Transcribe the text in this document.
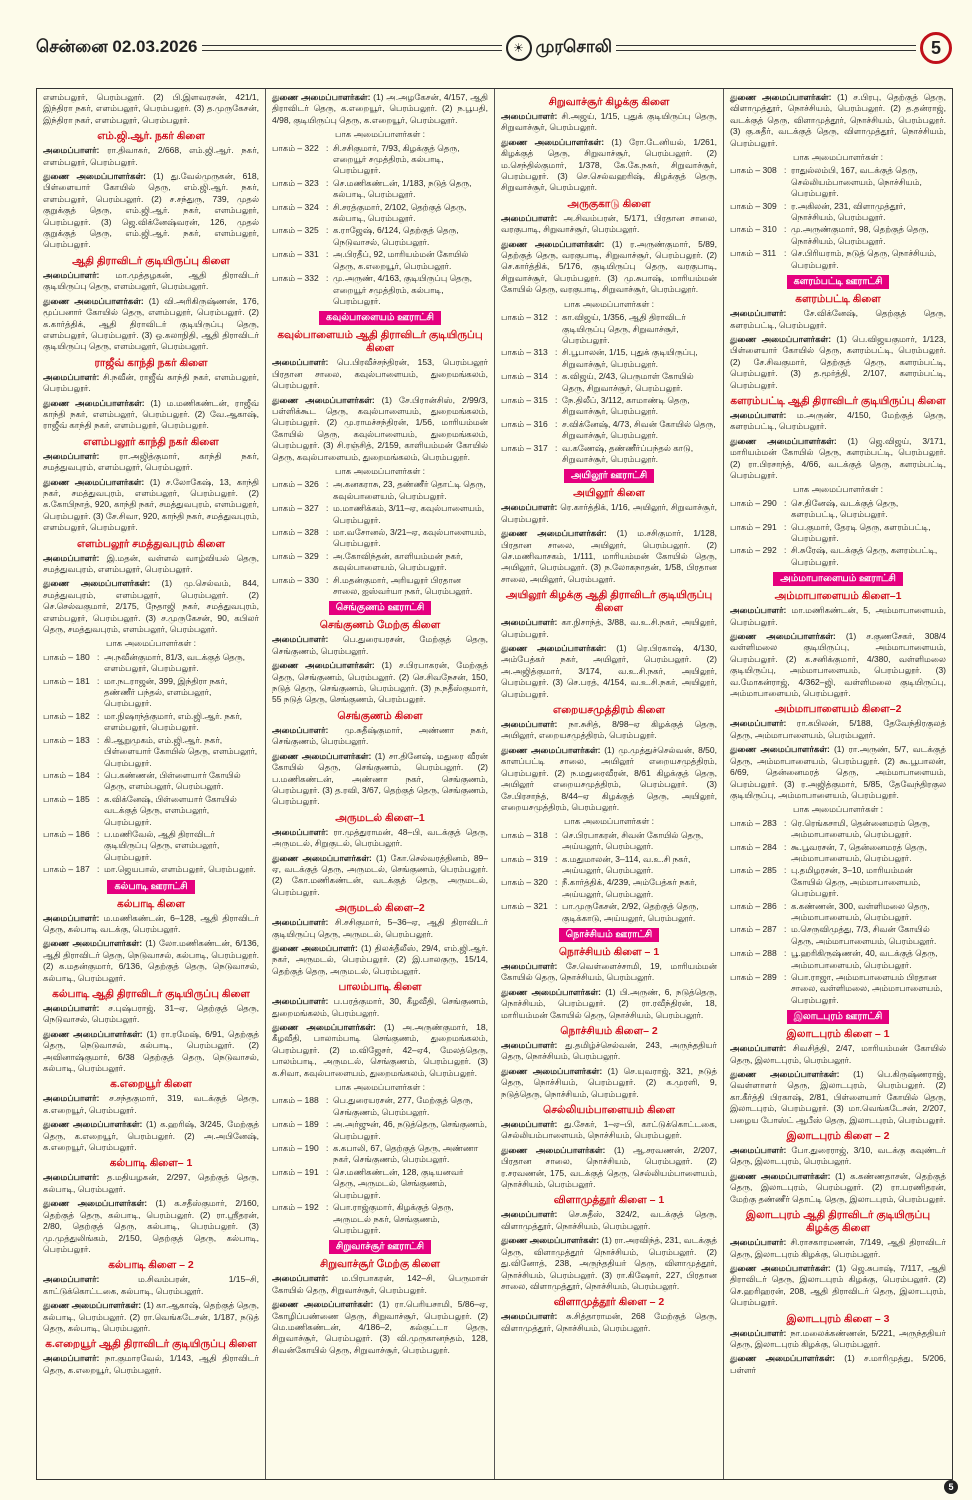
சென்னை 02.03.2026	☀ முரசொலி	5

எளம்பலூர், பெரம்பலூர். (2) பி.இளவரசன், 421/1, இந்திரா நகர், எளம்பலூர், பெரம்பலூர். (3) த.முருகேசன், இந்திரா நகர், எளம்பலூர், பெரம்பலூர்.

எம்.ஜி.ஆர். நகர் கிளை

அமைப்பாளர்: ரா.திவாகர், 2/668, எம்.ஜி.ஆர். நகர், எளம்பலூர், பெரம்பலூர்.

துணை அமைப்பாளர்கள்: (1) து.வேல்முருகன், 618, பிள்ளையார் கோயில் தெரு, எம்.ஜி.ஆர். நகர், எளம்பலூர், பெரம்பலூர். (2) ச.சந்துரு, 739, முதல் குறுக்குத் தெரு, எம்.ஜி.ஆர். நகர், எளம்பலூர், பெரம்பலூர். (3) ஜெ.விக்னேஷ்வரன், 126, முதல் குறுக்குத் தெரு, எம்.ஜி.ஆர். நகர், எளம்பலூர், பெரம்பலூர்.

ஆதி திராவிடர் குடியிருப்பு கிளை

அமைப்பாளர்: மா.முத்தழகன், ஆதி திராவிடர் குடியிருப்பு தெரு, எளம்பலூர், பெரம்பலூர்.

துணை அமைப்பாளர்கள்: (1) வி.அரிகிருஷ்ணன், 176, மூப்பனார் கோயில் தெரு, எளம்பலூர், பெரம்பலூர். (2) க.கார்த்திக், ஆதி திராவிடர் குடியிருப்பு தெரு, எளம்பலூர், பெரம்பலூர். (3) ஒ.கலாநிதி, ஆதி திராவிடர் குடியிருப்பு தெரு, எளம்பலூர், பெரம்பலூர்.

ராஜீவ் காந்தி நகர் கிளை

அமைப்பாளர்: சி.நவீன், ராஜீவ் காந்தி நகர், எளம்பலூர், பெரம்பலூர்.

துணை அமைப்பாளர்கள்: (1) ம.மணிகண்டன், ராஜீவ் காந்தி நகர், எளம்பலூர், பெரம்பலூர். (2) வே.ஆகாஷ், ராஜீவ் காந்தி நகர், எளம்பலூர், பெரம்பலூர்.

எளம்பலூர் காந்தி நகர் கிளை

அமைப்பாளர்: ரா.அஜித்குமார், காந்தி நகர், சமத்துவபுரம், எளம்பலூர், பெரம்பலூர்.

துணை அமைப்பாளர்கள்: (1) ச.லோகேஷ், 13, காந்தி நகர், சமத்துவபுரம், எளம்பலூர், பெரம்பலூர். (2) க.கோபிநாத், 920, காந்தி நகர், சமத்துவபுரம், எளம்பலூர், பெரம்பலூர். (3) சே.சிவா, 920, காந்தி நகர், சமத்துவபுரம், எளம்பலூர், பெரம்பலூர்.

எளம்பலூர் சமத்துவபுரம் கிளை

அமைப்பாளர்: இ.மதன், வள்ளல் வாழ்வியல் தெரு, சமத்துவபுரம், எளம்பலூர், பெரம்பலூர்.

துணை அமைப்பாளர்கள்: (1) மு.செல்வம், 844, சமத்துவபுரம், எளம்பலூர், பெரம்பலூர். (2) செ.செல்வகுமார், 2/175, நேதாஜி நகர், சமத்துவபுரம், எளம்பலூர், பெரம்பலூர். (3) ச.முருகேசன், 90, கபிலர் தெரு, சமத்துவபுரம், எளம்பலூர், பெரம்பலூர்.

பாக அமைப்பாளர்கள் :
பாகம் – 180 : அ.நவீன்குமார், 81/3, வடக்குத் தெரு, எளம்பலூர், பெரம்பலூர்.
பாகம் – 181 : மா.நடராஜன், 399, இந்திரா நகர், தண்ணீர் பந்தல், எளம்பலூர், பெரம்பலூர்.
பாகம் – 182 : மா.நிஷாந்த்குமார், எம்.ஜி.ஆர். நகர், எளம்பலூர், பெரம்பலூர்.
பாகம் – 183 : கி.ஆறுமுகம், எம்.ஜி.ஆர். நகர், பிள்ளையார் கோயில் தெரு, எளம்பலூர், பெரம்பலூர்.
பாகம் – 184 : பெ.கண்ணன், பிள்ளையார் கோயில் தெரு, எளம்பலூர், பெரம்பலூர்.
பாகம் – 185 : க.விக்னேஷ், பிள்ளையார் கோயில் வடக்குத் தெரு, எளம்பலூர், பெரம்பலூர்.
பாகம் – 186 : ப.மணிவேல், ஆதி திராவிடர் குடியிருப்பு தெரு, எளம்பலூர், பெரம்பலூர்.
பாகம் – 187 : மா.ஜெயபால், எளம்பலூர், பெரம்பலூர்.
கல்பாடி ஊராட்சி
கல்பாடி கிளை

அமைப்பாளர்: ம.மணிகண்டன், 6–128, ஆதி திராவிடர் தெரு, கல்பாடி வடக்கு, பெரம்பலூர்.

துணை அமைப்பாளர்கள்: (1) லோ.மணிகண்டன், 6/136, ஆதி திராவிடர் தெரு, நெடுவாசல், கல்பாடி, பெரம்பலூர். (2) க.மதன்குமார், 6/136, தெற்குத் தெரு, நெடுவாசல், கல்பாடி, பெரம்பலூர்.

கல்பாடி ஆதி திராவிடர் குடியிருப்பு கிளை

அமைப்பாளர்: ச.புஷ்பராஜ், 31–ஏ, தெற்குத் தெரு, நெடுவாசல், பெரம்பலூர்.

துணை அமைப்பாளர்கள்: (1) ரா.ரமேஷ், 6/91, தெற்குத் தெரு, நெடுவாசல், கல்பாடி, பெரம்பலூர். (2) அவினாஷ்குமார், 6/38 தெற்குத் தெரு, நெடுவாசல், கல்பாடி, பெரம்பலூர்.

க.எறையூர் கிளை

அமைப்பாளர்: ச.சந்தகுமார், 319, வடக்குத் தெரு, க.எறையூர், பெரம்பலூர்.

துணை அமைப்பாளர்கள்: (1) க.ஹரிஷ், 3/245, மேற்குத் தெரு, க.எறையூர், பெரம்பலூர். (2) அ.அபினேஷ், க.எறையூர், பெரம்பலூர்.

கல்பாடி கிளை– 1

அமைப்பாளர்: த.மதியழகன், 2/297, தெற்குத் தெரு, கல்பாடி, பெரம்பலூர்.

துணை அமைப்பாளர்கள்: (1) க.சதீஸ்குமார், 2/160, தெற்குத் தெரு, கல்பாடி, பெரம்பலூர். (2) ரா.ஸ்ரீதரன், 2/80, தெற்குத் தெரு, கல்பாடி, பெரம்பலூர். (3) மு.முத்துலிங்கம், 2/150, தெற்குத் தெரு, கல்பாடி, பெரம்பலூர்.

கல்பாடி கிளை – 2

அமைப்பாளர்: ம.சிவம்பரன், 1/15–சி, காட்டுக்கொட்டகை, கல்பாடி, பெரம்பலூர்.

துணை அமைப்பாளர்கள்: (1) கா.ஆகாஷ், தெற்குத் தெரு, கல்பாடி, பெரம்பலூர். (2) ரா.வெங்கடேசன், 1/187, நடுத் தெரு, கல்பாடி, பெரம்பலூர்.

க.எறையூர் ஆதி திராவிடர் குடியிருப்பு கிளை

அமைப்பாளர்: நா.குமாரவேல், 1/143, ஆதி திராவிடர் தெரு, க.எறையூர், பெரம்பலூர்.

துணை அமைப்பாளர்கள்: (1) அ.அழகேசன், 4/157, ஆதி திராவிடர் தெரு, க.எறையூர், பெரம்பலூர். (2) ந.பூபதி, 4/98, குடியிருப்பு தெரு, க.எறையூர், பெரம்பலூர்.

பாக அமைப்பாளர்கள் :
பாகம் – 322 : சி.சசிகுமார், 7/93, கிழக்குத் தெரு, எறையூர் சமுத்திரம், கல்பாடி, பெரம்பலூர்.
பாகம் – 323 : செ.மணிகண்டன், 1/183, நடுத் தெரு, கல்பாடி, பெரம்பலூர்.
பாகம் – 324 : சி.சரத்குமார், 2/102, தெற்குத் தெரு, கல்பாடி, பெரம்பலூர்.
பாகம் – 325 : க.ராஜேஷ், 6/124, தெற்குத் தெரு, நெடுவாசல், பெரம்பலூர்.
பாகம் – 331 : அ.பிரதீப், 92, மாரியம்மன் கோயில் தெரு, க.எறையூர், பெரம்பலூர்.
பாகம் – 332 : மு.அருண், 4/163, குடியிருப்பு தெரு, எறையூர் சமுத்திரம், கல்பாடி, பெரம்பலூர்.
கவுல்பாளையம் ஊராட்சி
கவுல்பாளையம் ஆதி திராவிடர் குடியிருப்பு கிளை

அமைப்பாளர்: பெ.பிரவீச்சந்திரன், 153, பெரம்பலூர் பிரதான சாலை, கவுல்பாளையம், துறைமங்கலம், பெரம்பலூர்.

துணை அமைப்பாளர்கள்: (1) சே.பிரான்சிஸ், 2/99/3, பள்ளிக்கூட தெரு, கவுல்பாளையம், துறைமங்கலம், பெரம்பலூர். (2) மு.ராமச்சந்திரன், 1/56, மாரியம்மன் கோயில் தெரு, கவுல்பாளையம், துறைமங்கலம், பெரம்பலூர். (3) சி.ரஞ்சித், 2/159, காளியம்மன் கோயில் தெரு, கவுல்பாளையம், துறைமங்கலம், பெரம்பலூர்.

பாக அமைப்பாளர்கள் :
பாகம் – 326 : அ.கனகராசு, 23, தண்ணீர் தொட்டி தெரு, கவுல்பாளையம், பெரம்பலூர்.
பாகம் – 327 : ம.மாணிக்கம், 3/11–ஏ, கவுல்பாளையம், பெரம்பலூர்.
பாகம் – 328 : மா.வசோனல், 3/21–ஏ, கவுல்பாளையம், பெரம்பலூர்.
பாகம் – 329 : அ.கோவிந்தன், காளியம்மன் நகர், கவுல்பாளையம், பெரம்பலூர்.
பாகம் – 330 : சி.மதன்குமார், அரியலூர் பிரதான சாலை, ஐஸ்வர்யா நகர், பெரம்பலூர்.
செங்குணம் ஊராட்சி
செங்குணம் மேற்கு கிளை

அமைப்பாளர்: பெ.துரையரசன், மேற்குத் தெரு, செங்குணம், பெரம்பலூர்.

துணை அமைப்பாளர்கள்: (1) ச.பிரபாகரன், மேற்குத் தெரு, செங்குணம், பெரம்பலூர். (2) செ.சிவநேசன், 150, நடுத் தெரு, செங்குணம், பெரம்பலூர். (3) ந.நதீஸ்குமார், 55 நடுத் தெரு, செங்குணம், பெரம்பலூர்.

செங்குணம் கிளை

அமைப்பாளர்: மு.சுதீஷ்குமார், அண்ணா நகர், செங்குணம், பெரம்பலூர்.

துணை அமைப்பாளர்கள்: (1) சா.தினேஷ், மதுரை வீரன் கோயில் தெரு, செங்குணம், பெரம்பலூர். (2) ப.மணிகண்டன், அண்ணா நகர், செங்குணம், பெரம்பலூர். (3) த.ரவி, 3/67, தெற்குத் தெரு, செங்குணம், பெரம்பலூர்.

அருமடல் கிளை–1

அமைப்பாளர்: ரா.முத்துராமன், 48–பி, வடக்குத் தெரு, அருமடல், சிறுகுடல், பெரம்பலூர்.

துணை அமைப்பாளர்கள்: (1) கோ.செல்வரத்தினம், 89–ஏ, வடக்குத் தெரு, அருமடல், செங்குணம், பெரம்பலூர். (2) கோ.மணிகண்டன், வடக்குத் தெரு, அருமடல், பெரம்பலூர்.

அருமடல் கிளை–2

அமைப்பாளர்: சி.சசிகுமார், 5–36–ஏ, ஆதி திராவிடர் குடியிருப்பு தெரு, அருமடல், பெரம்பலூர்.

துணை அமைப்பாளர்: (1) திலக்தீலீஸ், 29/4, எம்.ஜி.ஆர். நகர், அருமடல், பெரம்பலூர். (2) இ.பாலகுரு, 15/14, தெற்குத் தெரு, அருமடல், பெரம்பலூர்.

பாலம்பாடி கிளை

அமைப்பாளர்: ப.பரத்குமார், 30, கீழவீதி, செங்குணம், துறைமங்கலம், பெரம்பலூர்.

துணை அமைப்பாளர்கள்: (1) அ.அருண்குமார், 18, கீழவீதி, பாலாம்பாடி செங்குணம், துறைமங்கலம், பெரம்பலூர். (2) ம.விஜேசர், 42–ஏ4, மேலத்தெரு, பாலம்பாடி, அருமடல், செங்குணம், பெரம்பலூர். (3) க.சிவா, கவுல்பாளையம், துறைமங்கலம், பெரம்பலூர்.

பாக அமைப்பாளர்கள் :
பாகம் – 188 : பெ.துரையரசன், 277, மேற்குத் தெரு, செங்குணம், பெரம்பலூர்.
பாகம் – 189 : அ.அர்ஜுன், 46, நடுத்தெரு, செங்குணம், பெரம்பலூர்.
பாகம் – 190 : க.கபாலி, 67, தெற்குத் தெரு, அண்ணா நகர், செங்குணம், பெரம்பலூர்.
பாகம் – 191 : செ.மணிகண்டன், 128, குடியனவர் தெரு, அருமடல், செங்குணம், பெரம்பலூர்.
பாகம் – 192 : பொ.ராஜ்குமார், கிழக்குத் தெரு, அருமடல் நகர், செங்குணம், பெரம்பலூர்.
சிறுவாச்சூர் ஊராட்சி
சிறுவாச்சூர் மேற்கு கிளை

அமைப்பாளர்: ம.பிரபாகரன், 142–சி, பெருமாள் கோயில் தெரு, சிறுவாச்சூர், பெரம்பலூர்.

துணை அமைப்பாளர்கள்: (1) ரா.பெரியசாமி, 5/86–ஏ, கோழிப்பண்ணை தெரு, சிறுவாச்சூர், பெரம்பலூர். (2) மெ.மணிகண்டன், 4/186–2, கல்குட்டா தெரு, சிறுவாச்சூர், பெரம்பலூர். (3) வி.முருகானந்தம், 128, சிவன்கோயில் தெரு, சிறுவாச்சூர், பெரம்பலூர்.

சிறுவாச்சூர் கிழக்கு கிளை

அமைப்பாளர்: சி.அஜய், 1/15, புதுக் குடியிருப்பு தெரு, சிறுவாச்சூர், பெரம்பலூர்.

துணை அமைப்பாளர்கள்: (1) ரோ.டேனியல், 1/261, கிழக்குத் தெரு, சிறுவாச்சூர், பெரம்பலூர். (2) ம.செந்தில்குமார், 1/378, கே.கே.நகர், சிறுவாச்சூர், பெரம்பலூர். (3) செ.செல்வஹரிஷ், கிழக்குத் தெரு, சிறுவாச்சூர், பெரம்பலூர்.

அருகுகாடு கிளை

அமைப்பாளர்: அ.சிவம்பரன், 5/171, பிரதான சாலை, வரகுபாடி, சிறுவாச்சூர், பெரம்பலூர்.

துணை அமைப்பாளர்கள்: (1) ர.அருண்குமார், 5/89, தெற்குத் தெரு, வரகுபாடி, சிறுவாச்சூர், பெரம்பலூர். (2) செ.கார்த்திக், 5/176, குடியிருப்பு தெரு, வரகுபாடி, சிறுவாச்சூர், பெரம்பலூர். (3) மு.சுபாஷ், மாரியம்மன் கோயில் தெரு, வரகுபாடி, சிறுவாச்சூர், பெரம்பலூர்.

பாக அமைப்பாளர்கள் :
பாகம் – 312 : கா.விஜய், 1/356, ஆதி திராவிடர் குடியிருப்பு தெரு, சிறுவாச்சூர், பெரம்பலூர்.
பாகம் – 313 : சி.பூபாலன், 1/15, புதுக் குடியிருப்பு, சிறுவாச்சூர், பெரம்பலூர்.
பாகம் – 314 : க.விஜய், 2/43, பெருமாள் கோயில் தெரு, சிறுவாச்சூர், பெரம்பலூர்.
பாகம் – 315 : நே.திலீப், 3/112, காமாண்டி தெரு, சிறுவாச்சூர், பெரம்பலூர்.
பாகம் – 316 : ச.விக்னேஷ், 4/73, சிவன் கோயில் தெரு, சிறுவாச்சூர், பெரம்பலூர்.
பாகம் – 317 : வ.கணேஷ், தண்ணீர்ப்பந்தல் காடு, சிறுவாச்சூர், பெரம்பலூர்.
அயிலூர் ஊராட்சி
அயிலூர் கிளை

அமைப்பாளர்: ரெ.கார்த்திக், 1/16, அயிலூர், சிறுவாச்சூர், பெரம்பலூர்.

துணை அமைப்பாளர்கள்: (1) ம.சசிகுமார், 1/128, பிரதான சாலை, அயிலூர், பெரம்பலூர். (2) செ.மணிவாசகம், 1/111, மாரியம்மன் கோயில் தெரு, அயிலூர், பெரம்பலூர். (3) ந.லோகநாதன், 1/58, பிரதான சாலை, அயிலூர், பெரம்பலூர்.

அயிலூர் கிழக்கு ஆதி திராவிடர் குடியிருப்பு கிளை

அமைப்பாளர்: கா.நிசாந்த், 3/88, வ.உ.சி.நகர், அயிலூர், பெரம்பலூர்.

துணை அமைப்பாளர்கள்: (1) ரெ.பிரகாஷ், 4/130, அம்பேத்கர் நகர், அயிலூர், பெரம்பலூர். (2) அ.அஜித்குமார், 3/174, வ.உ.சி.நகர், அயிலூர், பெரம்பலூர். (3) செ.பரத், 4/154, வ.உ.சி.நகர், அயிலூர், பெரம்பலூர்.

எறையசமுத்திரம் கிளை

அமைப்பாளர்: நா.சுசித், 8/98–ஏ கிழக்குத் தெரு, அயிலூர், எறையசமுத்திரம், பெரம்பலூர்.

துணை அமைப்பாளர்கள்: (1) மு.முத்துச்செல்வன், 8/50, காளப்பட்டி சாலை, அயிலூர் எறையசமுத்திரம், பெரம்பலூர். (2) ந.மதுரைவீரன், 8/61 கிழக்குத் தெரு, அயிலூர் எறையசமுத்திரம், பெரம்பலூர். (3) சே.பிரசாந்த், 8/44–ஏ கிழக்குத் தெரு, அயிலூர், எறையசமுத்திரம், பெரம்பலூர்.

பாக அமைப்பாளர்கள் :
பாகம் – 318 : செ.பிரபாகரன், சிவன் கோயில் தெரு, அய்யலூர், பெரம்பலூர்.
பாகம் – 319 : க.மதுமாலன், 3–114, வ.உ.சி நகர், அய்யலூர், பெரம்பலூர்.
பாகம் – 320 : நீ.கார்த்திக், 4/239, அம்பேத்கர் நகர், அய்யலூர், பெரம்பலூர்.
பாகம் – 321 : பா.முருகேசன், 2/92, தெற்குத் தெரு, குடிக்காடு, அய்யலூர், பெரம்பலூர்.
நொச்சியம் ஊராட்சி
நொச்சியம் கிளை – 1

அமைப்பாளர்: சே.வெள்ளைச்சாமி, 19, மாரியம்மன் கோயில் தெரு, நொச்சியம், பெரம்பலூர்.

துணை அமைப்பாளர்கள்: (1) பி.அருண், 6, நடுத்தெரு, நொச்சியம், பெரம்பலூர். (2) ரா.ரவீந்திரன், 18, மாரியம்மன் கோயில் தெரு, நொச்சியம், பெரம்பலூர்.

நொச்சியம் கிளை– 2

அமைப்பாளர்: து.தமிழ்ச்செல்வன், 243, அருந்ததியர் தெரு, நொச்சியம், பெரம்பலூர்.

துணை அமைப்பாளர்கள்: (1) செ.யுவராஜ், 321, நடுத் தெரு, நொச்சியம், பெரம்பலூர். (2) க.முரளி, 9, நடுத்தெரு, நொச்சியம், பெரம்பலூர்.

செல்லியம்பாளையம் கிளை

அமைப்பாளர்: து.சேகர், 1–ஏ–பி, காட்டுக்கொட்டகை, செல்லியம்பாளையம், நொச்சியம், பெரம்பலூர்.

துணை அமைப்பாளர்கள்: (1) ஆ.சரவணன், 2/207, பிரதான சாலை, நொச்சியம், பெரம்பலூர். (2) ர.சரவணன், 175, வடக்குத் தெரு, செல்லியம்பாளையம், நொச்சியம், பெரம்பலூர்.

விளாமுத்தூர் கிளை – 1

அமைப்பாளர்: செ.சுதீஸ், 324/2, வடக்குத் தெரு, விளாமுத்தூர், நொச்சியம், பெரம்பலூர்.

துணை அமைப்பாளர்கள்: (1) ரா.அரவிந்த், 231, வடக்குத் தெரு, விளாமுத்தூர் நொச்சியம், பெரம்பலூர். (2) து.வினோத், 238, அருந்ததியர் தெரு, விளாமுத்தூர், நொச்சியம், பெரம்பலூர். (3) ரா.கிஷோர், 227, பிரதான சாலை, விளாமுத்தூர், நொச்சியம், பெரம்பலூர்.

விளாமுத்தூர் கிளை – 2

அமைப்பாளர்: சு.சித்தாராமன், 268 மேற்குத் தெரு, விளாமுத்தூர், நொச்சியம், பெரம்பலூர்.

துணை அமைப்பாளர்கள்: (1) ச.பிரபு, தெற்குத் தெரு, விளாமுத்தூர், நொச்சியம், பெரம்பலூர். (2) த.தன்ராஜ், வடக்குத் தெரு, விளாமுத்தூர், நொச்சியம், பெரம்பலூர். (3) கு.சுதீர், வடக்குத் தெரு, விளாமுத்தூர், நொச்சியம், பெரம்பலூர்.

பாக அமைப்பாளர்கள் :
பாகம் – 308 : ராதுல்லம்பி, 167, வடக்குத் தெரு, செல்லியம்பாளையம், நொச்சியம், பெரம்பலூர்.
பாகம் – 309 : ர.அகிலன், 231, விளாமுத்தூர், நொச்சியம், பெரம்பலூர்.
பாகம் – 310 : மு.அருண்குமார், 98, தெற்குத் தெரு, நொச்சியம், பெரம்பலூர்.
பாகம் – 311 : செ.பிரியராம், நடுத் தெரு, நொச்சியம், பெரம்பலூர்.
களரம்பட்டி ஊராட்சி
களரம்பட்டி கிளை

அமைப்பாளர்: சே.விக்னேஷ், தெற்குத் தெரு, களரம்பட்டி, பெரம்பலூர்.

துணை அமைப்பாளர்கள்: (1) பெ.விஜயகுமார், 1/123, பிள்ளையார் கோயில் தெரு, களரம்பட்டி, பெரம்பலூர். (2) சே.சிவகுமார், தெற்குத் தெரு, களரம்பட்டி, பெரம்பலூர். (3) த.மூர்த்தி, 2/107, களரம்பட்டி, பெரம்பலூர்.

களரம்பட்டி ஆதி திராவிடர் குடியிருப்பு கிளை

அமைப்பாளர்: ம.அருண், 4/150, மேற்குத் தெரு, களரம்பட்டி, பெரம்பலூர்.

துணை அமைப்பாளர்கள்: (1) ஜெ.விஜய், 3/171, மாரியம்மன் கோயில் தெரு, களரம்பட்டி, பெரம்பலூர். (2) ரா.பிரசாந்த், 4/66, வடக்குத் தெரு, களரம்பட்டி, பெரம்பலூர்.

பாக அமைப்பாளர்கள் :
பாகம் – 290 : செ.தினேஷ், வடக்குத் தெரு, களரம்பட்டி, பெரம்பலூர்.
பாகம் – 291 : பெ.குமார், தேரடி தெரு, களரம்பட்டி, பெரம்பலூர்.
பாகம் – 292 : சி.சுரேஷ், வடக்குத் தெரு, களரம்பட்டி, பெரம்பலூர்.
அம்மாபாளையம் ஊராட்சி
அம்மாபாளையம் கிளை–1

அமைப்பாளர்: மா.மணிகண்டன், 5, அம்மாபாளையம், பெரம்பலூர்.

துணை அமைப்பாளர்கள்: (1) ச.குணசேகர், 308/4 வள்ளிமலை குடியிருப்பு, அம்மாபாளையம், பெரம்பலூர். (2) க.சனிக்குமார், 4/380, வள்ளிமலை குடியிருப்பு, அம்மாபாளையம், பெரம்பலூர். (3) வ.மோகன்ராஜ், 4/362–ஜி, வள்ளிமலை குடியிருப்பு, அம்மாபாளையம், பெரம்பலூர்.

அம்மாபாளையம் கிளை–2

அமைப்பாளர்: ரா.கபிலன், 5/188, தேவேந்திரகுலத் தெரு, அம்மாபாளையம், பெரம்பலூர்.

துணை அமைப்பாளர்கள்: (1) ரா.அருண், 5/7, வடக்குத் தெரு, அம்மாபாளையம், பெரம்பலூர். (2) கூ.பூபாலன், 6/69, தென்னைமரத் தெரு, அம்மாபாளையம், பெரம்பலூர். (3) ர.அஜித்குமார், 5/85, தேவேந்திரகுல குடியிருப்பு, அம்மாபாளையம், பெரம்பலூர்.

பாக அமைப்பாளர்கள் :
பாகம் – 283 : ரெ.ரெங்கசாமி, தென்னைமரம் தெரு, அம்மாபாளையம், பெரம்பலூர்.
பாகம் – 284 : கூ.பூவரசன், 7, தென்னைமரத் தெரு, அம்மாபாளையம், பெரம்பலூர்.
பாகம் – 285 : பு.தமிழரசன், 3–10, மாரியம்மன் கோயில் தெரு, அம்மாபாளையம், பெரம்பலூர்.
பாகம் – 286 : க.கண்ணன், 300, வள்ளிமலை தெரு, அம்மாபாளையம், பெரம்பலூர்.
பாகம் – 287 : ம.செருவிமுத்து, 7/3, சிவன் கோயில் தெரு, அம்மாபாளையம், பெரம்பலூர்.
பாகம் – 288 : பூ.ஹரிகிருஷ்ணன், 40, வடக்குத் தெரு, அம்மாபாளையம், பெரம்பலூர்.
பாகம் – 289 : பொ.ராஜா, அம்மாபாளையம் பிரதான சாலை, வள்ளிமலை, அம்மாபாளையம், பெரம்பலூர்.
இலாடபுரம் ஊராட்சி
இலாடபுரம் கிளை – 1

அமைப்பாளர்: சிவசித்தி, 2/47, மாரியம்மன் கோயில் தெரு, இலாடபுரம், பெரம்பலூர்.

துணை அமைப்பாளர்கள்: (1) பெ.கிருஷ்ணராஜ், வெள்ளாளர் தெரு, இலாடபுரம், பெரம்பலூர். (2) கா.கீர்த்தி பிரகாஷ், 2/81, பிள்ளையார் கோயில் தெரு, இலாடபுரம், பெரம்பலூர். (3) மா.வெங்கடேசன், 2/207, பழைய போஸ்ட் ஆபீஸ் தெரு, இலாடபுரம், பெரம்பலூர்.

இலாடபுரம் கிளை – 2

அமைப்பாளர்: போ.துரைராஜ், 3/10, வடக்கு கவுண்டர் தெரு, இலாடபுரம், பெரம்பலூர்.

துணை அமைப்பாளர்கள்: (1) க.கண்ணதாசன், தெற்குத் தெரு, இலாடபுரம், பெரம்பலூர். (2) ரா.பரணிதரன், மேற்கு தண்ணீர் தொட்டி தெரு, இலாடபுரம், பெரம்பலூர்.

இலாடபுரம் ஆதி திராவிடர் குடியிருப்பு கிழக்கு கிளை

அமைப்பாளர்: சி.ராசகாரமணன், 7/149, ஆதி திராவிடர் தெரு, இலாடபுரம் கிழக்கு, பெரம்பலூர்.

துணை அமைப்பாளர்கள்: (1) ஜெ.சுபாஷ், 7/117, ஆதி திராவிடர் தெரு, இலாடபுரம் கிழக்கு, பெரம்பலூர். (2) செ.ஹரிஹரன், 208, ஆதி திராவிடர் தெரு, இலாடபுரம், பெரம்பலூர்.

இலாடபுரம் கிளை – 3

அமைப்பாளர்: நா.மலைக்கண்ணன், 5/221, அருந்ததியர் தெரு, இலாடபுரம் கிழக்கு, பெரம்பலூர்.

துணை அமைப்பாளர்கள்: (1) ச.மாரிமுத்து, 5/206, பள்ளர்

5
